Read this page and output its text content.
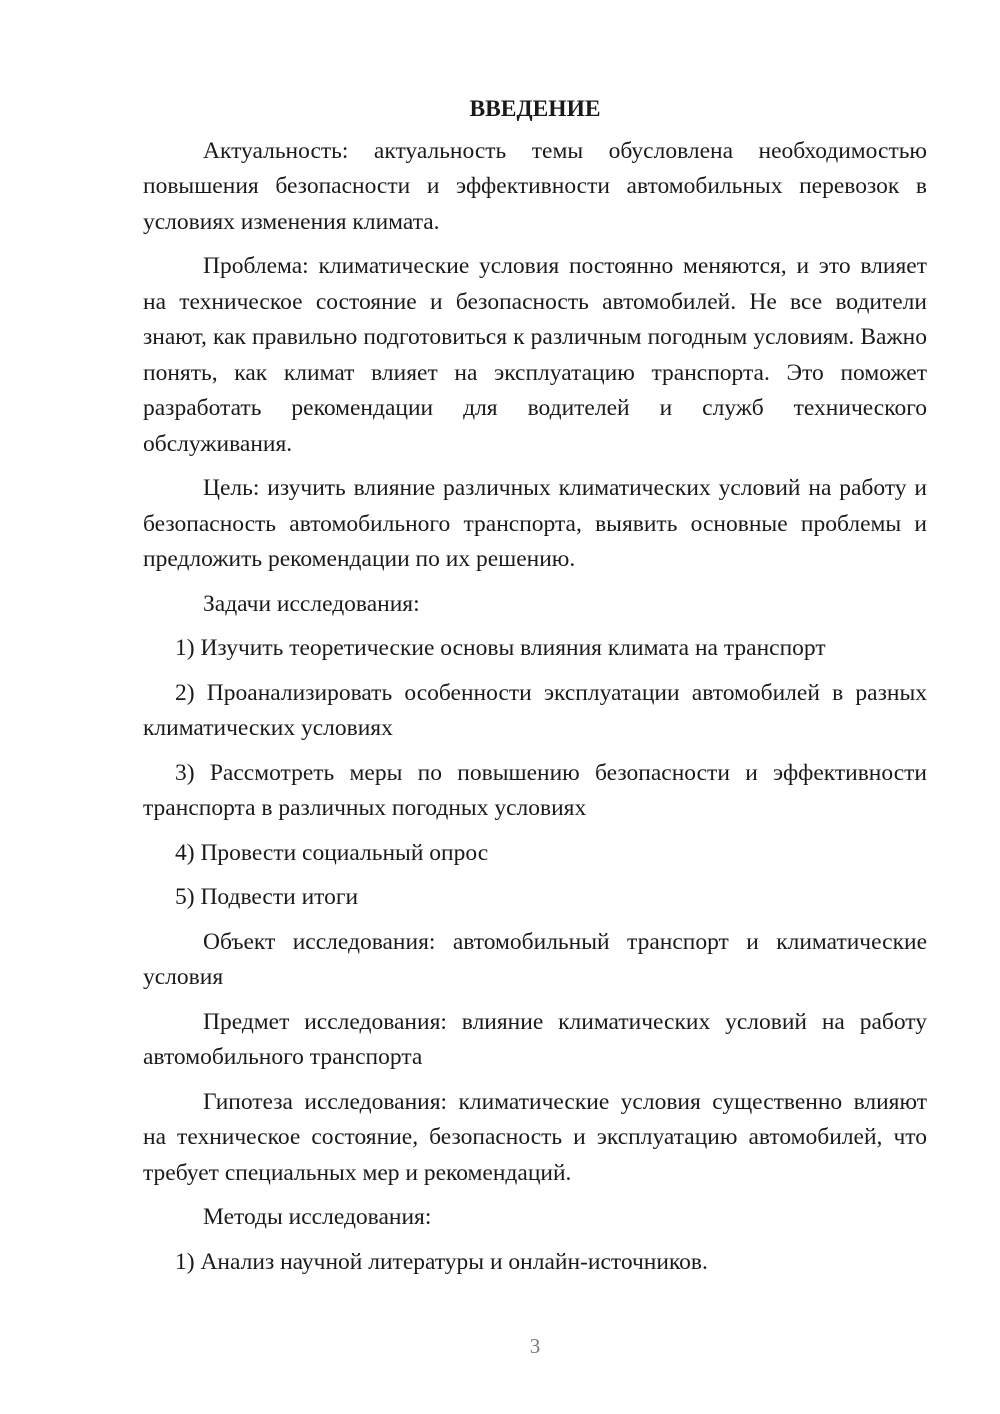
ВВЕДЕНИЕ
Актуальность: актуальность темы обусловлена необходимостью повышения безопасности и эффективности автомобильных перевозок в условиях изменения климата.
Проблема: климатические условия постоянно меняются, и это влияет на техническое состояние и безопасность автомобилей. Не все водители знают, как правильно подготовиться к различным погодным условиям. Важно понять, как климат влияет на эксплуатацию транспорта. Это поможет разработать рекомендации для водителей и служб технического обслуживания.
Цель: изучить влияние различных климатических условий на работу и безопасность автомобильного транспорта, выявить основные проблемы и предложить рекомендации по их решению.
Задачи исследования:
1) Изучить теоретические основы влияния климата на транспорт
2) Проанализировать особенности эксплуатации автомобилей в разных климатических условиях
3) Рассмотреть меры по повышению безопасности и эффективности транспорта в различных погодных условиях
4) Провести социальный опрос
5) Подвести итоги
Объект исследования: автомобильный транспорт и климатические условия
Предмет исследования: влияние климатических условий на работу автомобильного транспорта
Гипотеза исследования: климатические условия существенно влияют на техническое состояние, безопасность и эксплуатацию автомобилей, что требует специальных мер и рекомендаций.
Методы исследования:
1) Анализ научной литературы и онлайн-источников.
3
